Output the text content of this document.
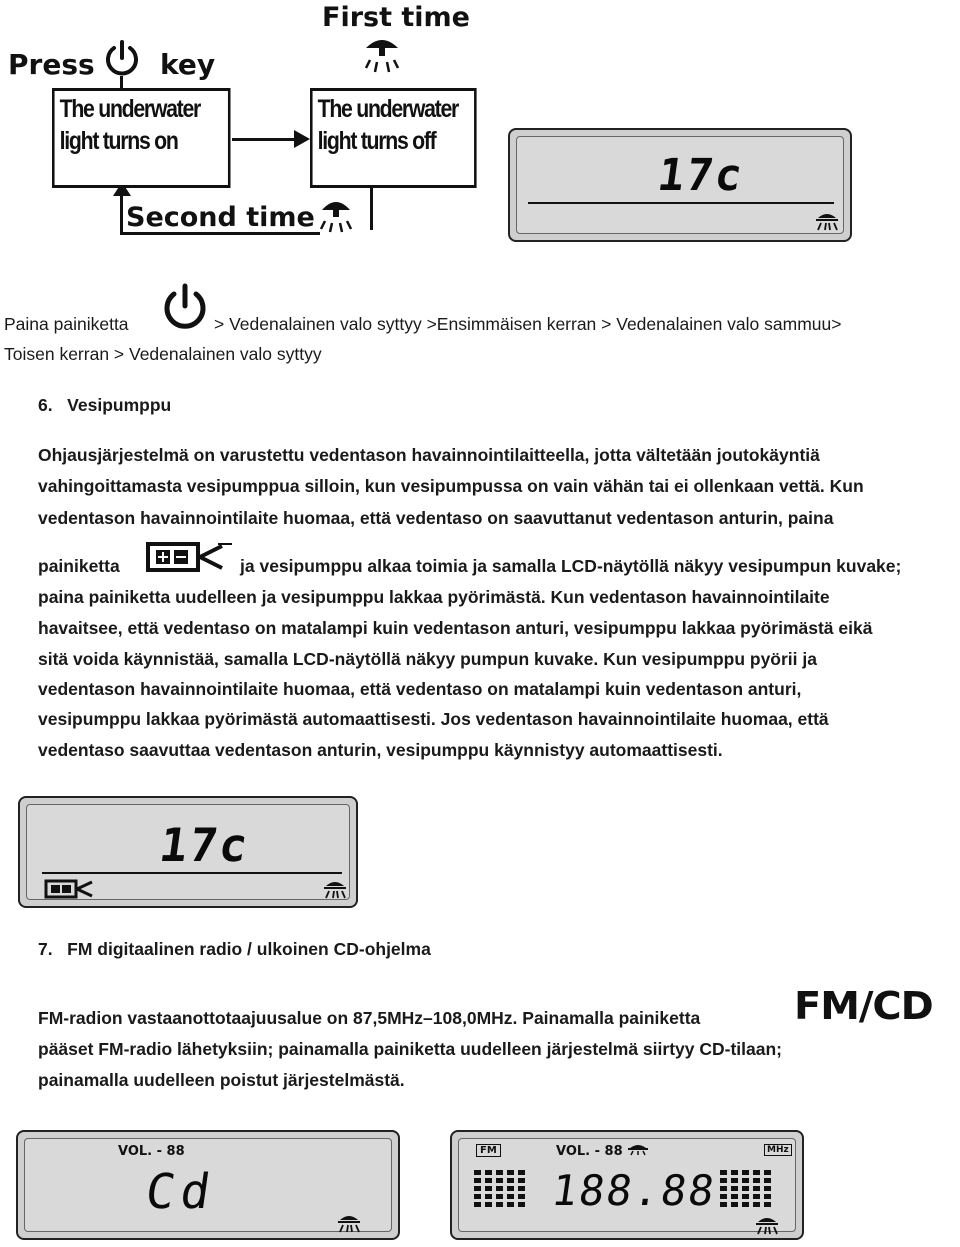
Press key
First time
The underwater
light turns on
The underwater
light turns off
Second time
17c
Paina painiketta	> Vedenalainen valo syttyy >Ensimmäisen kerran > Vedenalainen valo sammuu>
Toisen kerran > Vedenalainen valo syttyy
6.   Vesipumppu
Ohjausjärjestelmä on varustettu vedentason havainnointilaitteella, jotta vältetään joutokäyntiä
vahingoittamasta vesipumppua silloin, kun vesipumpussa on vain vähän tai ei ollenkaan vettä. Kun
vedentason havainnointilaite huomaa, että vedentaso on saavuttanut vedentason anturin, paina
painiketta	ja vesipumppu alkaa toimia ja samalla LCD-näytöllä näkyy vesipumpun kuvake;
paina painiketta uudelleen ja vesipumppu lakkaa pyörimästä. Kun vedentason havainnointilaite
havaitsee, että vedentaso on matalampi kuin vedentason anturi, vesipumppu lakkaa pyörimästä eikä
sitä voida käynnistää, samalla LCD-näytöllä näkyy pumpun kuvake. Kun vesipumppu pyörii ja
vedentason havainnointilaite huomaa, että vedentaso on matalampi kuin vedentason anturi,
vesipumppu lakkaa pyörimästä automaattisesti. Jos vedentason havainnointilaite huomaa, että
vedentaso saavuttaa vedentason anturin, vesipumppu käynnistyy automaattisesti.
17c
7.   FM digitaalinen radio / ulkoinen CD-ohjelma
FM-radion vastaanottotaajuusalue on 87,5MHz–108,0MHz. Painamalla painiketta FM/CD
pääset FM-radio lähetyksiin; painamalla painiketta uudelleen järjestelmä siirtyy CD-tilaan;
painamalla uudelleen poistut järjestelmästä.
VOL. - 88
Cd
FM	VOL. - 88	MHz
188.88
